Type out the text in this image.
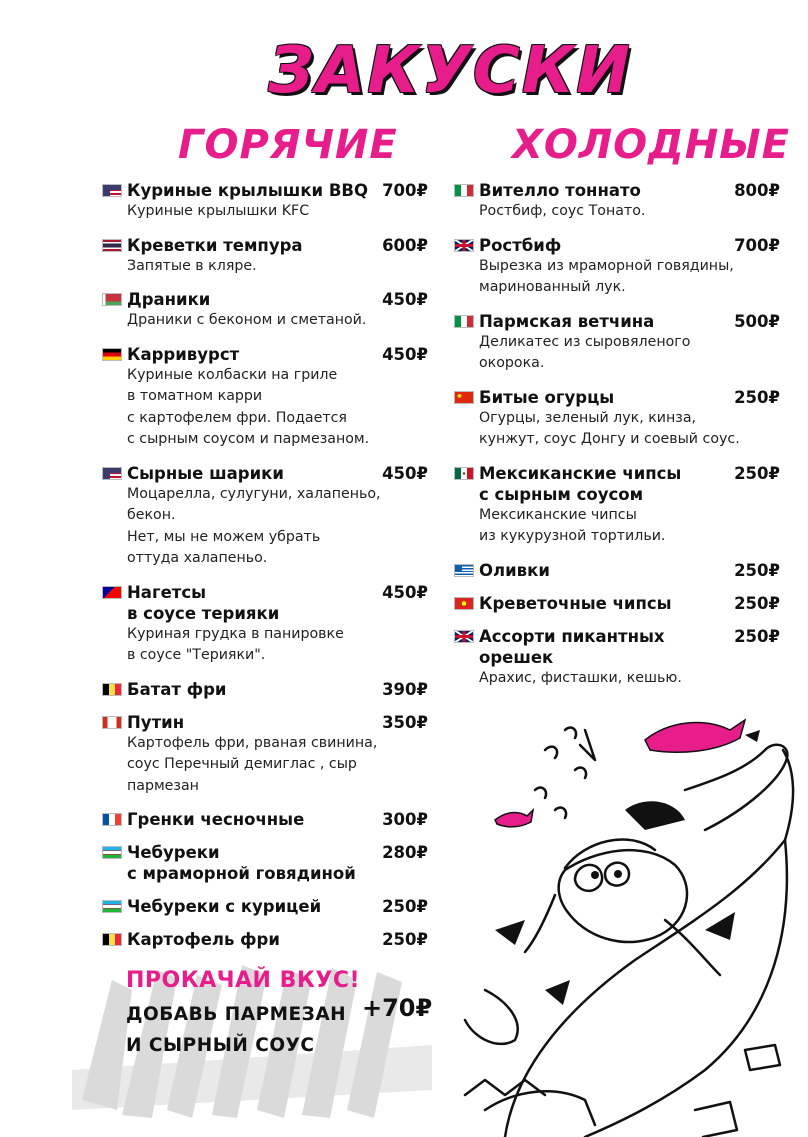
ЗАКУСКИ
ГОРЯЧИЕ	ХОЛОДНЫЕ
Куриные крылышки BBQ 700₽
Куриные крылышки KFC
Креветки темпура	600₽
Запятые в кляре.
Драники	450₽
Драники с беконом и сметаной.
Карривурст	450₽
Куриные колбаски на гриле
в томатном карри
с картофелем фри. Подается
с сырным соусом и пармезаном.
Сырные шарики	450₽
Моцарелла, сулугуни, халапеньо,
бекон.
Нет, мы не можем убрать
оттуда халапеньо.
Нагетсы
в соусе терияки
450₽
Куриная грудка в панировке
в соусе "Терияки".
Батат фри	390₽
Путин	350₽
Картофель фри, рваная свинина,
соус Перечный демиглас , сыр
пармезан
Гренки чесночные	300₽
Чебуреки
с мраморной говядиной
280₽
Чебуреки с курицей	250₽
Картофель фри	250₽
Вителло тоннато	800₽
Ростбиф, соус Тонато.
Ростбиф	700₽
Вырезка из мраморной говядины,
маринованный лук.
Пармская ветчина	500₽
Деликатес из сыровяленого
окорока.
Битые огурцы	250₽
Огурцы, зеленый лук, кинза,
кунжут, соус Донгу и соевый соус.
Мексиканские чипсы
с сырным соусом
250₽
Мексиканские чипсы
из кукурузной тортильи.
Оливки	250₽
Креветочные чипсы	250₽
Ассорти пикантных
орешек
250₽
Арахис, фисташки, кешью.
ПРОКАЧАЙ ВКУС!
ДОБАВЬ ПАРМЕЗАН
И СЫРНЫЙ СОУС
+70₽
